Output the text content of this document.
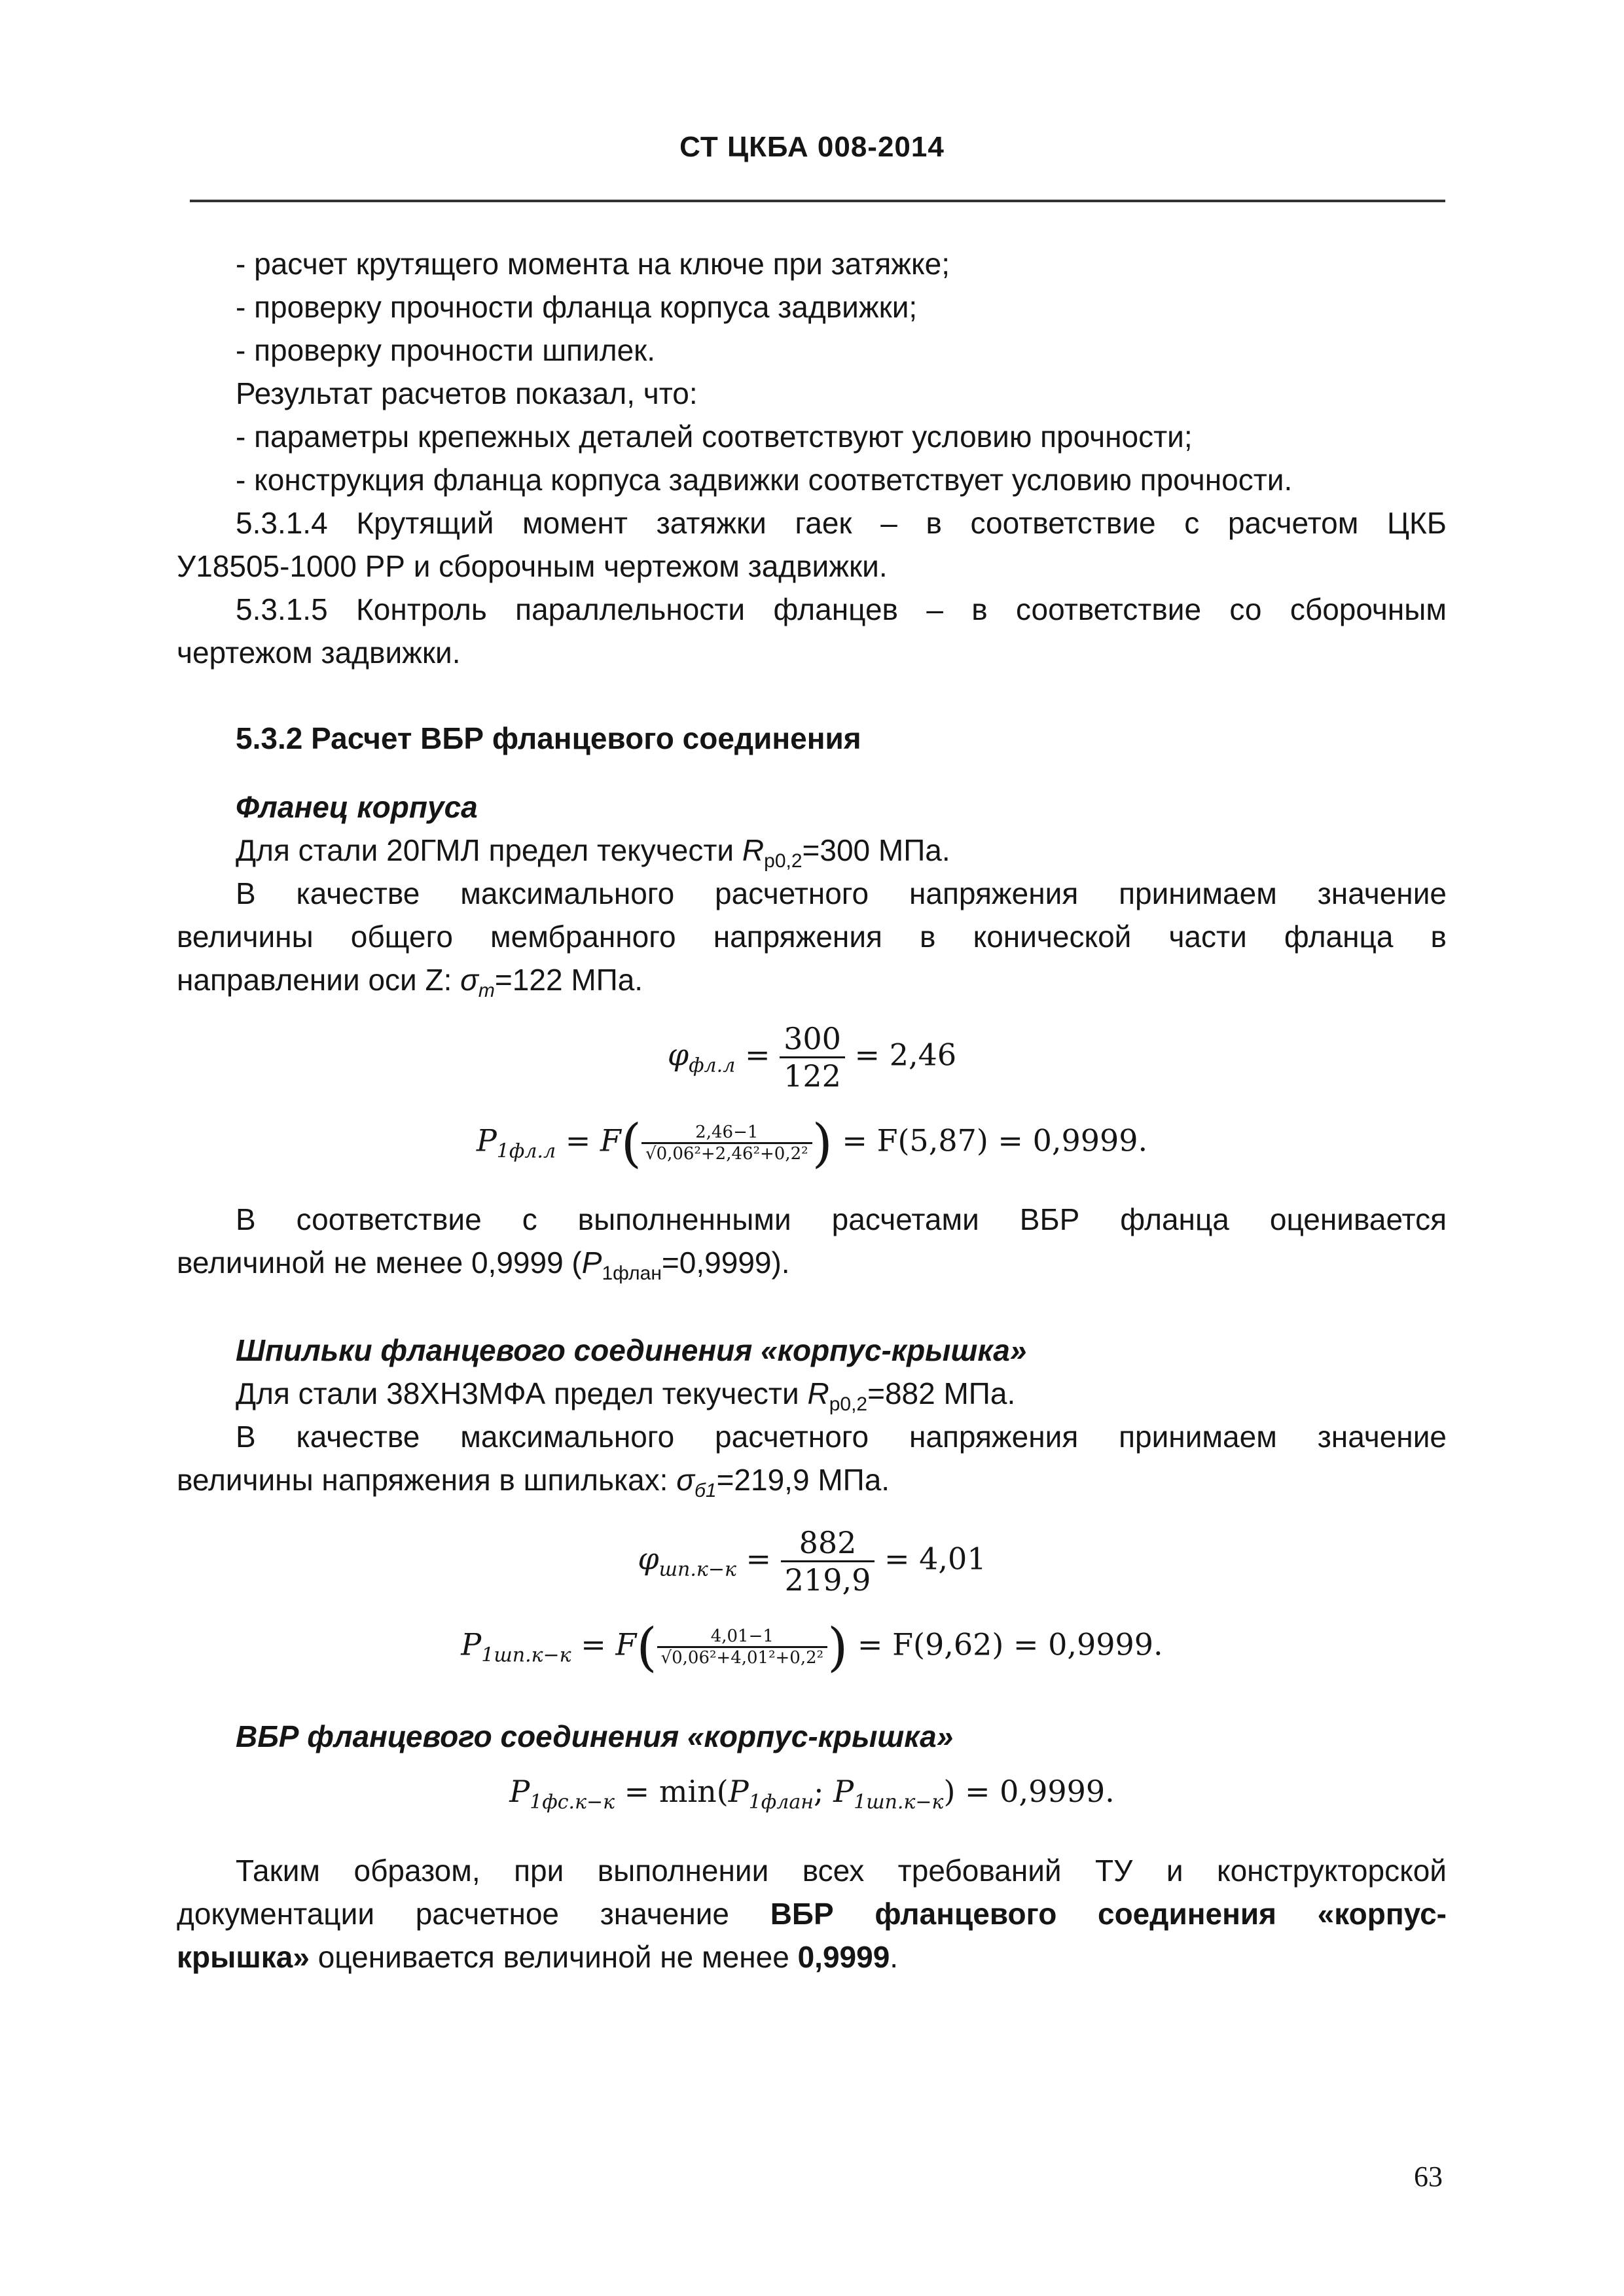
СТ ЦКБА 008-2014
- расчет крутящего момента на ключе при затяжке;
- проверку прочности фланца корпуса задвижки;
- проверку прочности шпилек.
Результат расчетов показал, что:
- параметры крепежных деталей соответствуют условию прочности;
- конструкция фланца корпуса задвижки соответствует условию прочности.
5.3.1.4 Крутящий момент затяжки гаек – в соответствие с расчетом ЦКБ
У18505-1000 РР и сборочным чертежом задвижки.
5.3.1.5 Контроль параллельности фланцев – в соответствие со сборочным
чертежом задвижки.
5.3.2 Расчет ВБР фланцевого соединения
Фланец корпуса
Для стали 20ГМЛ предел текучести $R_{p0,2}=300$ МПа.
В качестве максимального расчетного напряжения принимаем значение
величины общего мембранного напряжения в конической части фланца в
направлении оси Z: $\sigma_m=122$ МПа.
$\varphi_{фл.л} = \frac{300}{122} = 2,46$
$P_{1фл.л} = F( \frac{2,46-1}{\text{√0,06²+2,46²+0,2²}}$ ) = F(5,87) = 0,9999.
В соответствие с выполненными расчетами ВБР фланца оценивается
величиной не менее 0,9999 $(P_{1флан}=0,9999)$.
Шпильки фланцевого соединения «корпус-крышка»
Для стали 38ХН3МФА предел текучести $R_{p0,2}=882$ МПа.
В качестве максимального расчетного напряжения принимаем значение
величины напряжения в шпильках: $\sigma_{б1}=219,9$ МПа.
$\varphi_{шп.к-к} = \frac{882}{219,9} = 4,01$
$P_{1шп.к-к} = F( \frac{4,01-1}{\text{√0,06²+4,01²+0,2²}}$ ) = F(9,62) = 0,9999.
ВБР фланцевого соединения «корпус-крышка»
$P_{1фс.к-к} = \min(P_{1флан}$; $P_{1шп.к-к}) = 0,9999$.
Таким образом, при выполнении всех требований ТУ и конструкторской
документации расчетное значение ВБР фланцевого соединения «корпус-
крышка» оценивается величиной не менее 0,9999.
63
